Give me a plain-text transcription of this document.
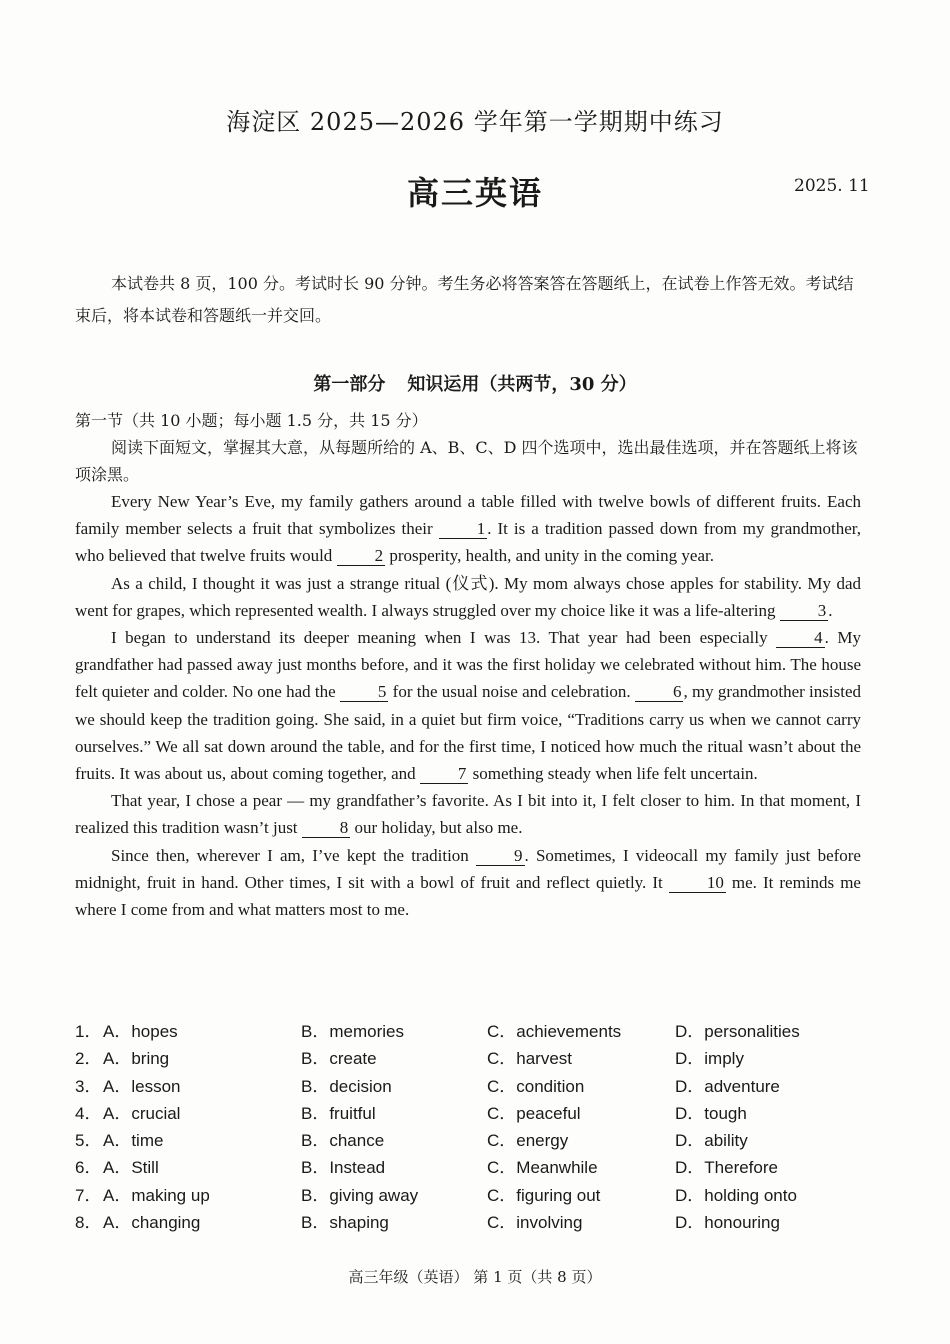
海淀区 2025—2026 学年第一学期期中练习
高三英语	2025. 11
本试卷共 8 页，100 分。考试时长 90 分钟。考生务必将答案答在答题纸上，在试卷上作答无效。考试结束后，将本试卷和答题纸一并交回。
第一部分 知识运用（共两节，30 分）
第一节（共 10 小题；每小题 1.5 分，共 15 分）
阅读下面短文，掌握其大意，从每题所给的 A、B、C、D 四个选项中，选出最佳选项，并在答题纸上将该项涂黑。

Every New Year’s Eve, my family gathers around a table filled with twelve bowls of different fruits. Each family member selects a fruit that symbolizes their 1 . It is a tradition passed down from my grandmother, who believed that twelve fruits would 2 prosperity, health, and unity in the coming year.

As a child, I thought it was just a strange ritual (仪式). My mom always chose apples for stability. My dad went for grapes, which represented wealth. I always struggled over my choice like it was a life-altering 3 .

I began to understand its deeper meaning when I was 13. That year had been especially 4 . My grandfather had passed away just months before, and it was the first holiday we celebrated without him. The house felt quieter and colder. No one had the 5 for the usual noise and celebration. 6 , my grandmother insisted we should keep the tradition going. She said, in a quiet but firm voice, “Traditions carry us when we cannot carry ourselves.” We all sat down around the table, and for the first time, I noticed how much the ritual wasn’t about the fruits. It was about us, about coming together, and 7 something steady when life felt uncertain.

That year, I chose a pear — my grandfather’s favorite. As I bit into it, I felt closer to him. In that moment, I realized this tradition wasn’t just 8 our holiday, but also me.

Since then, wherever I am, I’ve kept the tradition 9 . Sometimes, I videocall my family just before midnight, fruit in hand. Other times, I sit with a bowl of fruit and reflect quietly. It 10 me. It reminds me where I come from and what matters most to me.

1． A．hopes	B．memories	C．achievements	D．personalities
2． A．bring	B．create	C．harvest	D．imply
3． A．lesson	B．decision	C．condition	D．adventure
4． A．crucial	B．fruitful	C．peaceful	D．tough
5． A．time	B．chance	C．energy	D．ability
6． A．Still	B．Instead	C．Meanwhile	D．Therefore
7． A．making up	B．giving away	C．figuring out	D．holding onto
8． A．changing	B．shaping	C．involving	D．honouring
高三年级（英语） 第 1 页（共 8 页）
